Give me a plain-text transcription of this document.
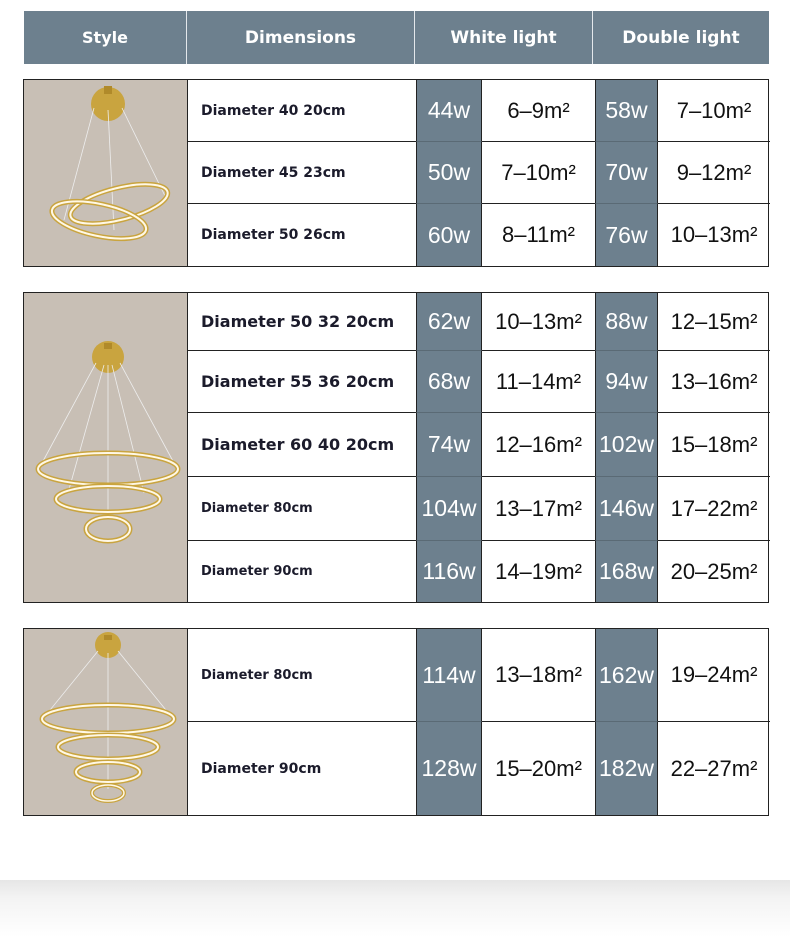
Style	Dimensions	White light	Double light
Diameter 40 20cm	44w	6–9m²	58w	7–10m²
Diameter 45 23cm	50w	7–10m²	70w	9–12m²
Diameter 50 26cm	60w	8–11m²	76w	10–13m²
Diameter 50 32 20cm	62w	10–13m²	88w	12–15m²
Diameter 55 36 20cm	68w	11–14m²	94w	13–16m²
Diameter 60 40 20cm	74w	12–16m² 102w 15–18m²
Diameter 80cm	104w 13–17m² 146w 17–22m²
Diameter 90cm	116w 14–19m² 168w 20–25m²
Diameter 80cm	114w 13–18m² 162w 19–24m²
Diameter 90cm	128w 15–20m² 182w 22–27m²
